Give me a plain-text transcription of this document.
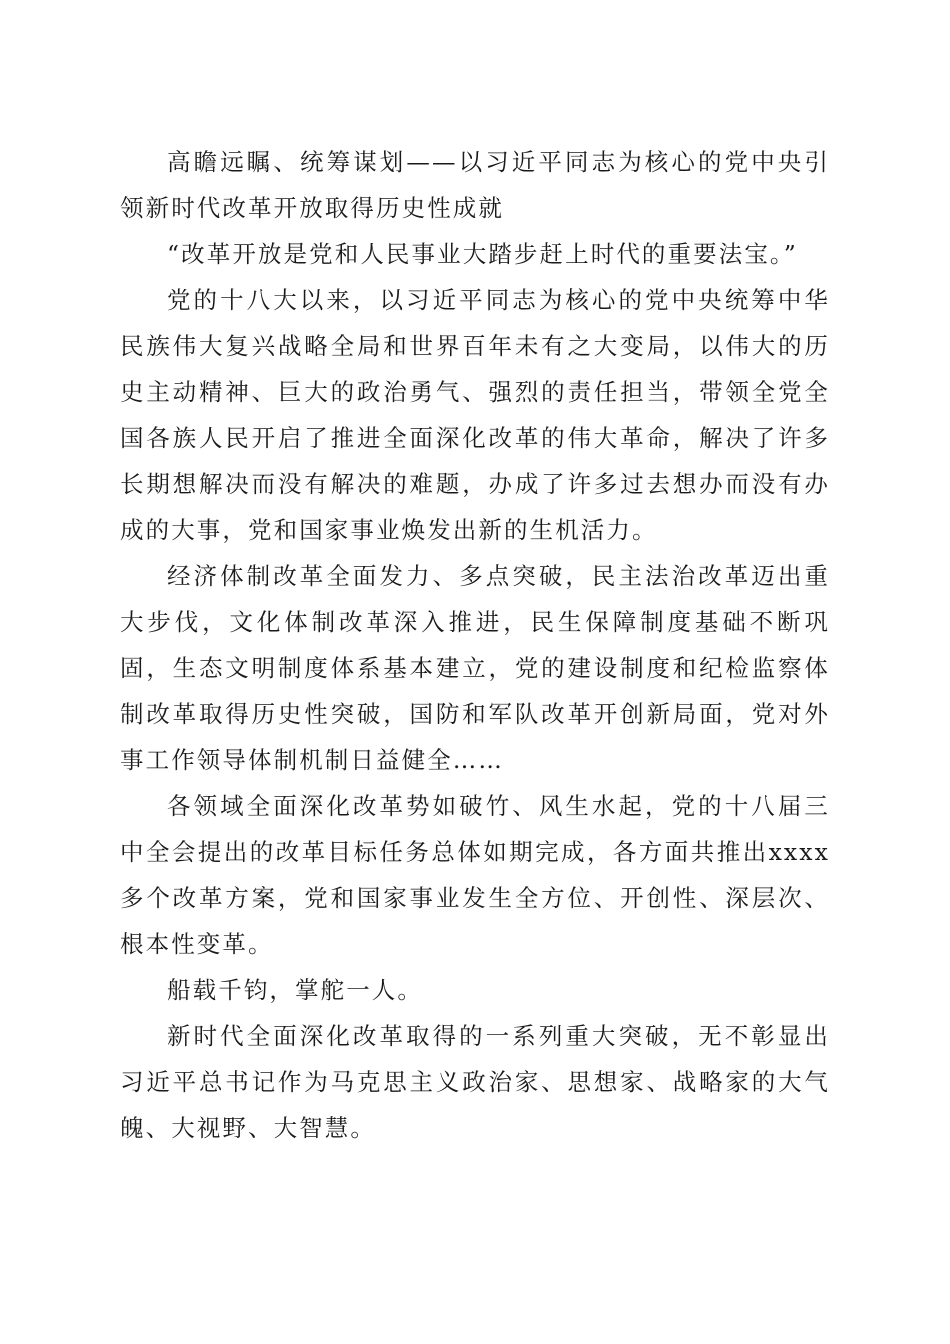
高瞻远瞩、统筹谋划——以习近平同志为核心的党中央引领新时代改革开放取得历史性成就

“改革开放是党和人民事业大踏步赶上时代的重要法宝。”

党的十八大以来，以习近平同志为核心的党中央统筹中华民族伟大复兴战略全局和世界百年未有之大变局，以伟大的历史主动精神、巨大的政治勇气、强烈的责任担当，带领全党全国各族人民开启了推进全面深化改革的伟大革命，解决了许多长期想解决而没有解决的难题，办成了许多过去想办而没有办成的大事，党和国家事业焕发出新的生机活力。

经济体制改革全面发力、多点突破，民主法治改革迈出重大步伐，文化体制改革深入推进，民生保障制度基础不断巩固，生态文明制度体系基本建立，党的建设制度和纪检监察体制改革取得历史性突破，国防和军队改革开创新局面，党对外事工作领导体制机制日益健全……

各领域全面深化改革势如破竹、风生水起，党的十八届三中全会提出的改革目标任务总体如期完成，各方面共推出xxxx多个改革方案，党和国家事业发生全方位、开创性、深层次、根本性变革。

船载千钧，掌舵一人。

新时代全面深化改革取得的一系列重大突破，无不彰显出习近平总书记作为马克思主义政治家、思想家、战略家的大气魄、大视野、大智慧。
